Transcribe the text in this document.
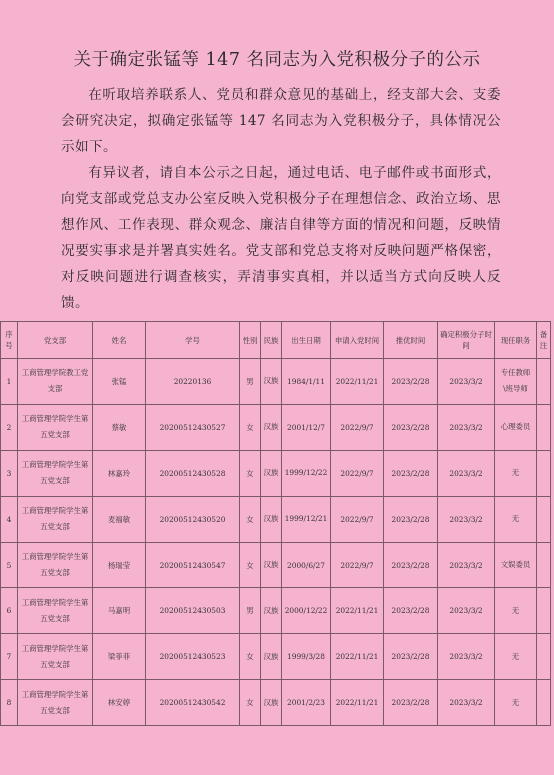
关于确定张锰等 147 名同志为入党积极分子的公示

在听取培养联系人、党员和群众意见的基础上，经支部大会、支委会研究决定，拟确定张锰等 147 名同志为入党积极分子，具体情况公示如下。

有异议者，请自本公示之日起，通过电话、电子邮件或书面形式，向党支部或党总支办公室反映入党积极分子在理想信念、政治立场、思想作风、工作表现、群众观念、廉洁自律等方面的情况和问题，反映情况要实事求是并署真实姓名。党支部和党总支将对反映问题严格保密，对反映问题进行调查核实，弄清事实真相，并以适当方式向反映人反馈。

序号	党支部	姓名	学号	性别	民族	出生日期	申请入党时间	推优时间	确定积极分子时间	现任职务	备注
1	工商管理学院教工党支部	张锰	20220136	男	汉族	1984/1/11	2022/11/21	2023/2/28	2023/3/2	专任教师\班导师	
2	工商管理学院学生第五党支部	蔡敏	20200512430527	女	汉族	2001/12/7	2022/9/7	2023/2/28	2023/3/2	心理委员	
3	工商管理学院学生第五党支部	林嘉玲	20200512430528	女	汉族	1999/12/22	2022/9/7	2023/2/28	2023/3/2	无	
4	工商管理学院学生第五党支部	麦福敏	20200512430520	女	汉族	1999/12/21	2022/9/7	2023/2/28	2023/3/2	无	
5	工商管理学院学生第五党支部	杨瑞莹	20200512430547	女	汉族	2000/6/27	2022/9/7	2023/2/28	2023/3/2	文娱委员	
6	工商管理学院学生第五党支部	马嘉明	20200512430503	男	汉族	2000/12/22	2022/11/21	2023/2/28	2023/3/2	无	
7	工商管理学院学生第五党支部	梁菲菲	20200512430523	女	汉族	1999/3/28	2022/11/21	2023/2/28	2023/3/2	无	
8	工商管理学院学生第五党支部	林安婷	20200512430542	女	汉族	2001/2/23	2022/11/21	2023/2/28	2023/3/2	无	
